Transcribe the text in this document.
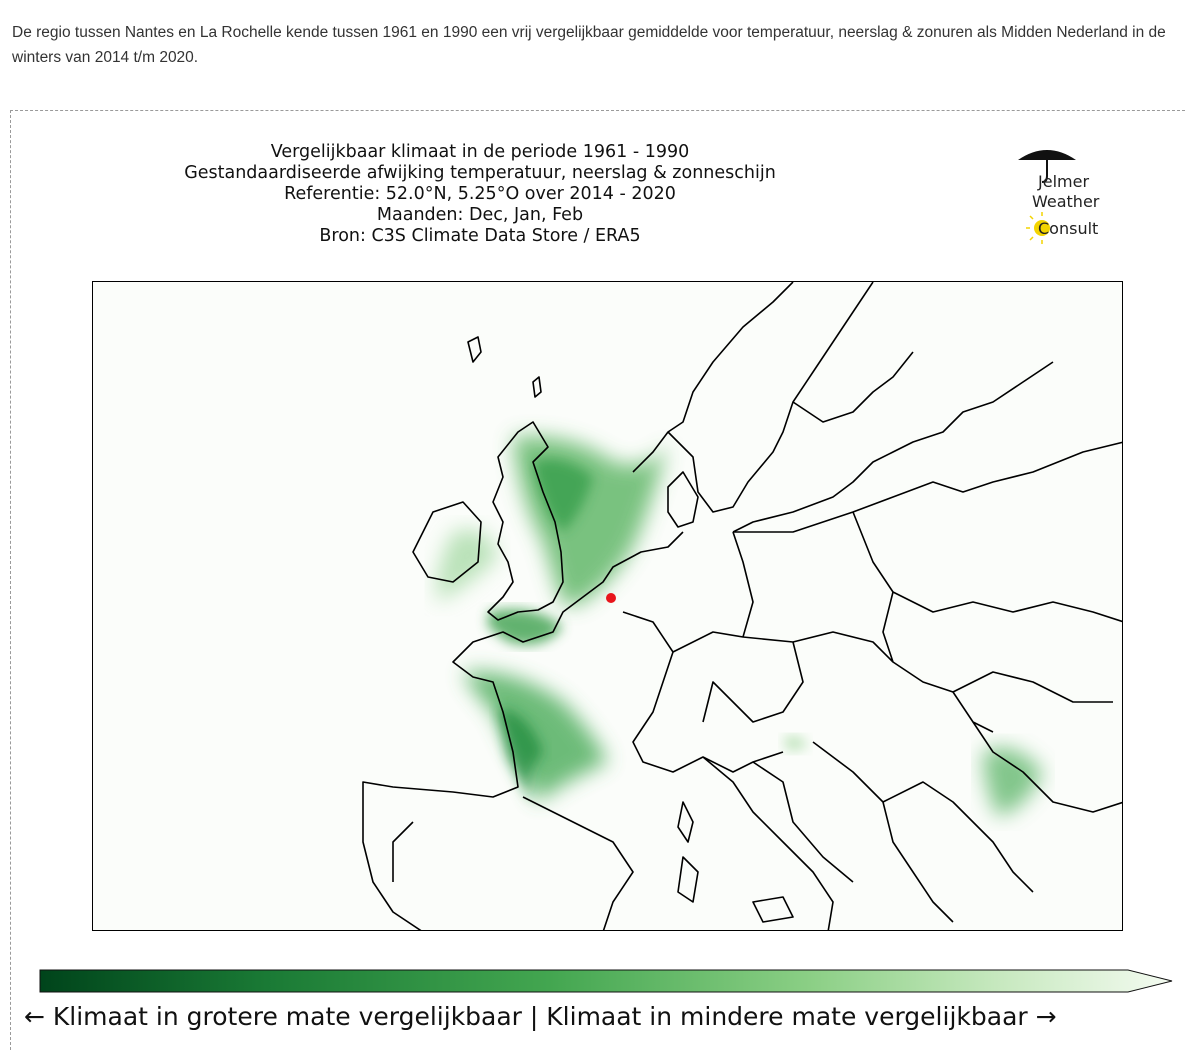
De regio tussen Nantes en La Rochelle kende tussen 1961 en 1990 een vrij vergelijkbaar gemiddelde voor temperatuur, neerslag & zonuren als Midden Nederland in de winters van 2014 t/m 2020.
Vergelijkbaar klimaat in de periode 1961 - 1990
Gestandaardiseerde afwijking temperatuur, neerslag & zonneschijn
Referentie: 52.0°N, 5.25°O over 2014 - 2020
Maanden: Dec, Jan, Feb
Bron: C3S Climate Data Store / ERA5
Jelmer
Weather
Consult
← Klimaat in grotere mate vergelijkbaar | Klimaat in mindere mate vergelijkbaar →
